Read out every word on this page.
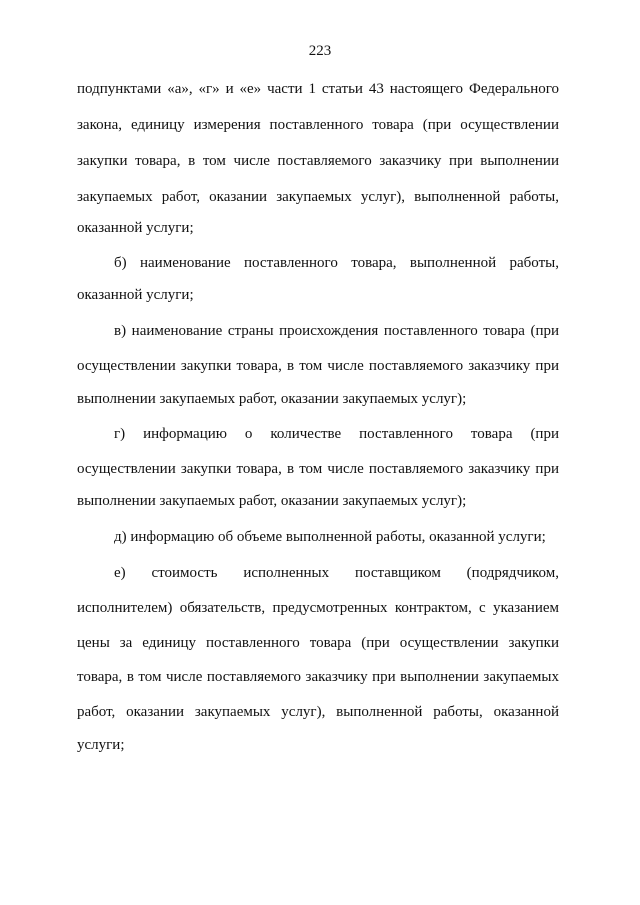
223
подпунктами «а», «г» и «е» части 1 статьи 43 настоящего Федерального
закона, единицу измерения поставленного товара (при осуществлении
закупки товара, в том числе поставляемого заказчику при выполнении
закупаемых работ, оказании закупаемых услуг), выполненной работы,
оказанной услуги;
б) наименование поставленного товара, выполненной работы,
оказанной услуги;
в) наименование страны происхождения поставленного товара (при
осуществлении закупки товара, в том числе поставляемого заказчику при
выполнении закупаемых работ, оказании закупаемых услуг);
г) информацию о количестве поставленного товара (при
осуществлении закупки товара, в том числе поставляемого заказчику при
выполнении закупаемых работ, оказании закупаемых услуг);
д) информацию об объеме выполненной работы, оказанной услуги;
е) стоимость исполненных поставщиком (подрядчиком,
исполнителем) обязательств, предусмотренных контрактом, с указанием
цены за единицу поставленного товара (при осуществлении закупки
товара, в том числе поставляемого заказчику при выполнении закупаемых
работ, оказании закупаемых услуг), выполненной работы, оказанной
услуги;
